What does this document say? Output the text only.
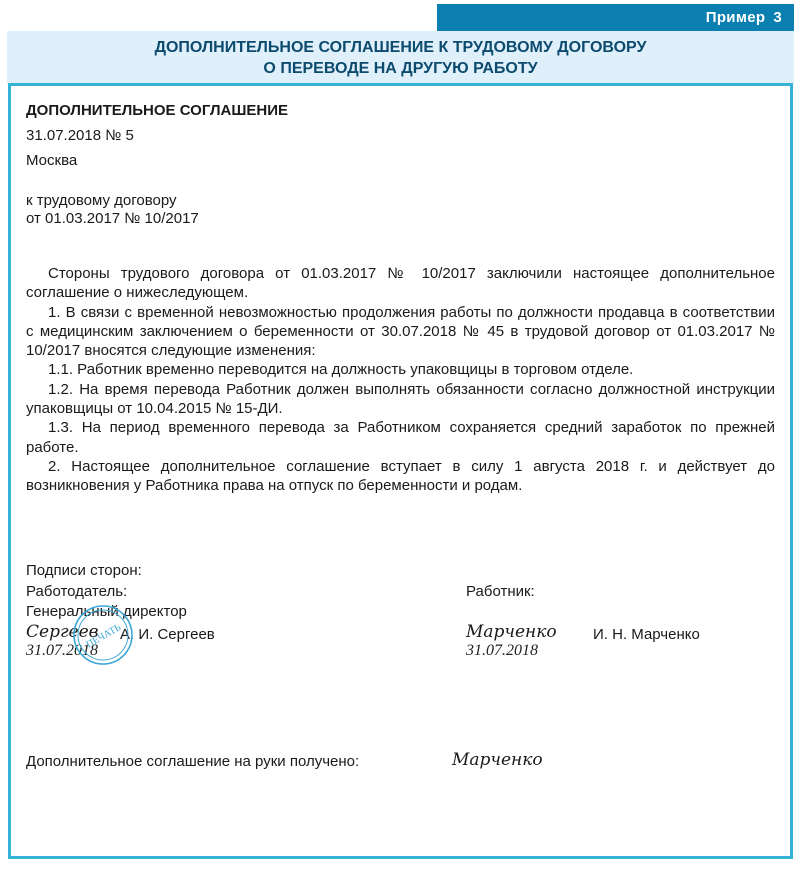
Пример 3
ДОПОЛНИТЕЛЬНОЕ СОГЛАШЕНИЕ К ТРУДОВОМУ ДОГОВОРУ
О ПЕРЕВОДЕ НА ДРУГУЮ РАБОТУ
ДОПОЛНИТЕЛЬНОЕ СОГЛАШЕНИЕ
31.07.2018 № 5
Москва
к трудовому договору
от 01.03.2017 № 10/2017

Стороны трудового договора от 01.03.2017 № 10/2017 заключили настоящее дополнительное соглашение о нижеследующем.

1. В связи с временной невозможностью продолжения работы по должности продавца в соответствии с медицинским заключением о беременности от 30.07.2018 № 45 в трудовой договор от 01.03.2017 № 10/2017 вносятся следующие изменения:

1.1. Работник временно переводится на должность упаковщицы в торговом отделе.

1.2. На время перевода Работник должен выполнять обязанности согласно должностной инструкции упаковщицы от 10.04.2015 № 15-ДИ.

1.3. На период временного перевода за Работником сохраняется средний заработок по прежней работе.

2. Настоящее дополнительное соглашение вступает в силу 1 августа 2018 г. и действует до возникновения у Работника права на отпуск по беременности и родам.

Подписи сторон:
Работодатель:
Генеральный директор
Сергеев А. И. Сергеев
31.07.2018
ПЕЧАТЬ
Работник:
Марченко И. Н. Марченко
31.07.2018
Дополнительное соглашение на руки получено:	Марченко
